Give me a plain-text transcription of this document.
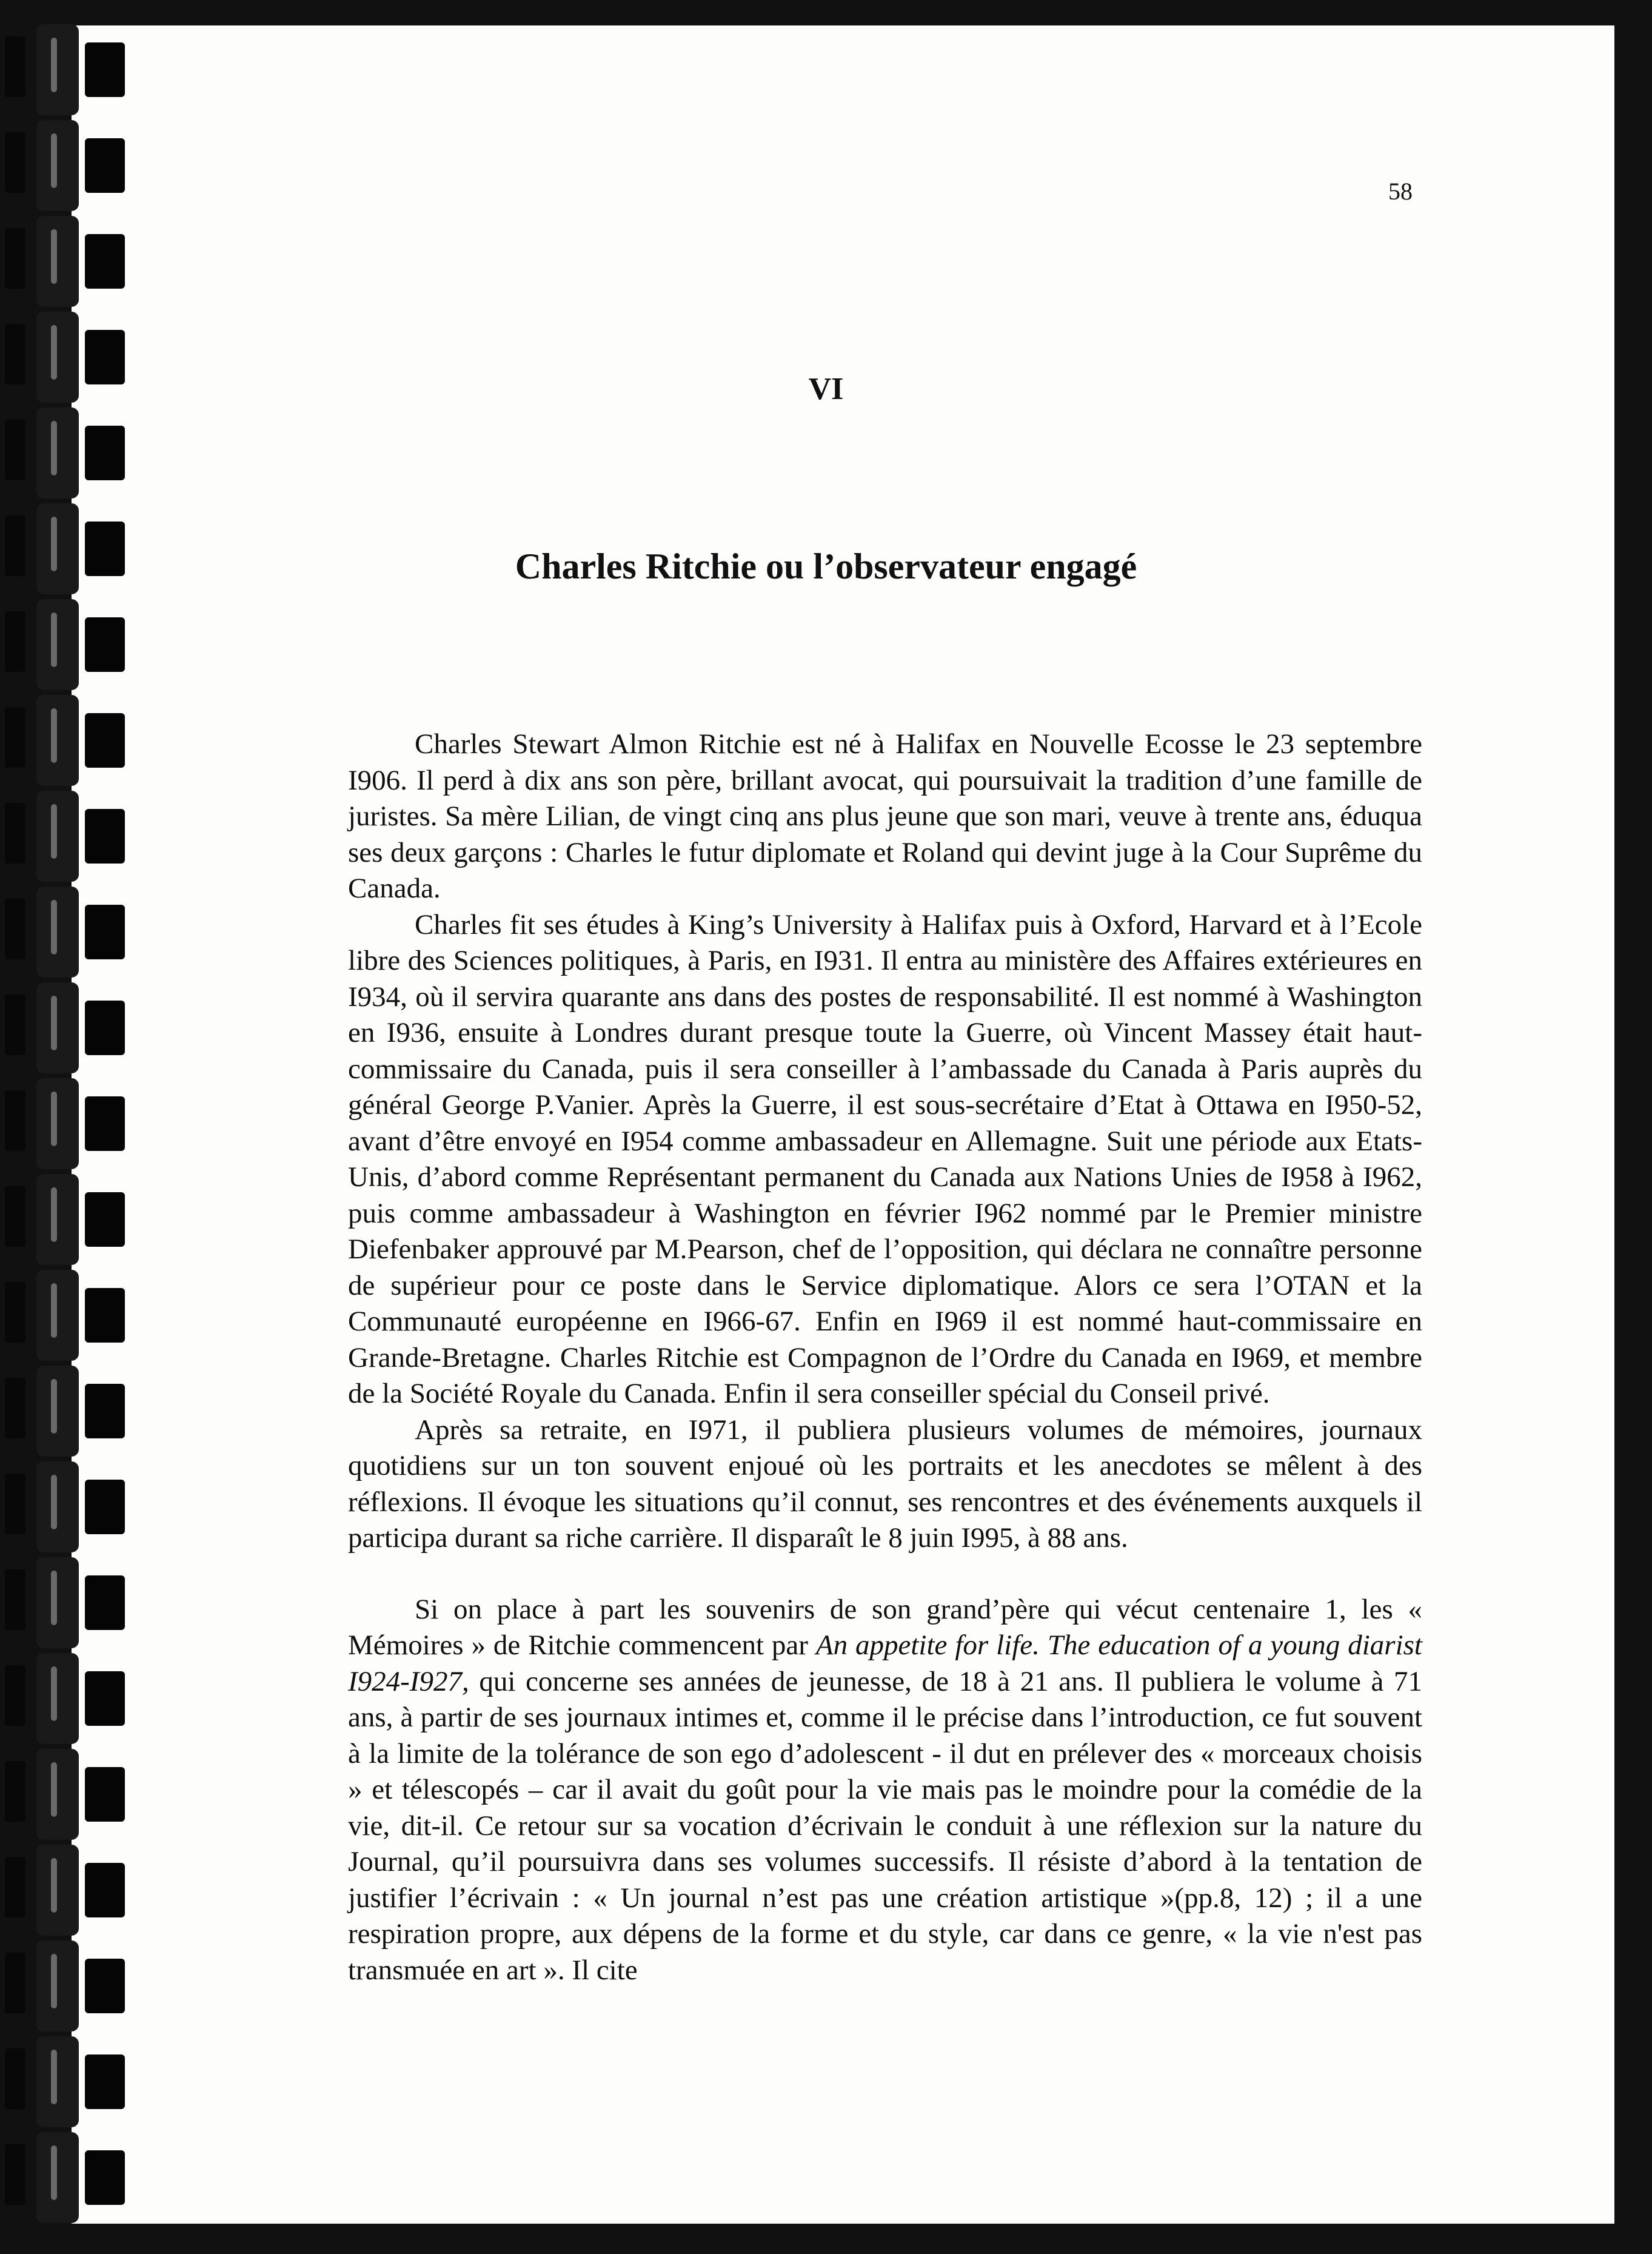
58
VI
Charles Ritchie ou l’observateur engagé

Charles Stewart Almon Ritchie est né à Halifax en Nouvelle Ecosse le 23 septembre I906. Il perd à dix ans son père, brillant avocat, qui poursuivait la tradition d’une famille de juristes. Sa mère Lilian, de vingt cinq ans plus jeune que son mari, veuve à trente ans, éduqua ses deux garçons : Charles le futur diplomate et Roland qui devint juge à la Cour Suprême du Canada.

Charles fit ses études à King’s University à Halifax puis à Oxford, Harvard et à l’Ecole libre des Sciences politiques, à Paris, en I931. Il entra au ministère des Affaires extérieures en I934, où il servira quarante ans dans des postes de responsabilité. Il est nommé à Washington en I936, ensuite à Londres durant presque toute la Guerre, où Vincent Massey était haut-commissaire du Canada, puis il sera conseiller à l’ambassade du Canada à Paris auprès du général George P.Vanier. Après la Guerre, il est sous-secrétaire d’Etat à Ottawa en I950-52, avant d’être envoyé en I954 comme ambassadeur en Allemagne. Suit une période aux Etats-Unis, d’abord comme Représentant permanent du Canada aux Nations Unies de I958 à I962, puis comme ambassadeur à Washington en février I962 nommé par le Premier ministre Diefenbaker approuvé par M.Pearson, chef de l’opposition, qui déclara ne connaître personne de supérieur pour ce poste dans le Service diplomatique. Alors ce sera l’OTAN et la Communauté européenne en I966-67. Enfin en I969 il est nommé haut-commissaire en Grande-Bretagne. Charles Ritchie est Compagnon de l’Ordre du Canada en I969, et membre de la Société Royale du Canada. Enfin il sera conseiller spécial du Conseil privé.

Après sa retraite, en I971, il publiera plusieurs volumes de mémoires, journaux quotidiens sur un ton souvent enjoué où les portraits et les anecdotes se mêlent à des réflexions. Il évoque les situations qu’il connut, ses rencontres et des événements auxquels il participa durant sa riche carrière. Il disparaît le 8 juin I995, à 88 ans.

Si on place à part les souvenirs de son grand’père qui vécut centenaire 1, les « Mémoires » de Ritchie commencent par An appetite for life. The education of a young diarist I924-I927, qui concerne ses années de jeunesse, de 18 à 21 ans. Il publiera le volume à 71 ans, à partir de ses journaux intimes et, comme il le précise dans l’introduction, ce fut souvent à la limite de la tolérance de son ego d’adolescent - il dut en prélever des « morceaux choisis » et télescopés – car il avait du goût pour la vie mais pas le moindre pour la comédie de la vie, dit-il. Ce retour sur sa vocation d’écrivain le conduit à une réflexion sur la nature du Journal, qu’il poursuivra dans ses volumes successifs. Il résiste d’abord à la tentation de justifier l’écrivain : « Un journal n’est pas une création artistique »(pp.8, 12) ; il a une respiration propre, aux dépens de la forme et du style, car dans ce genre, « la vie n'est pas transmuée en art ». Il cite
